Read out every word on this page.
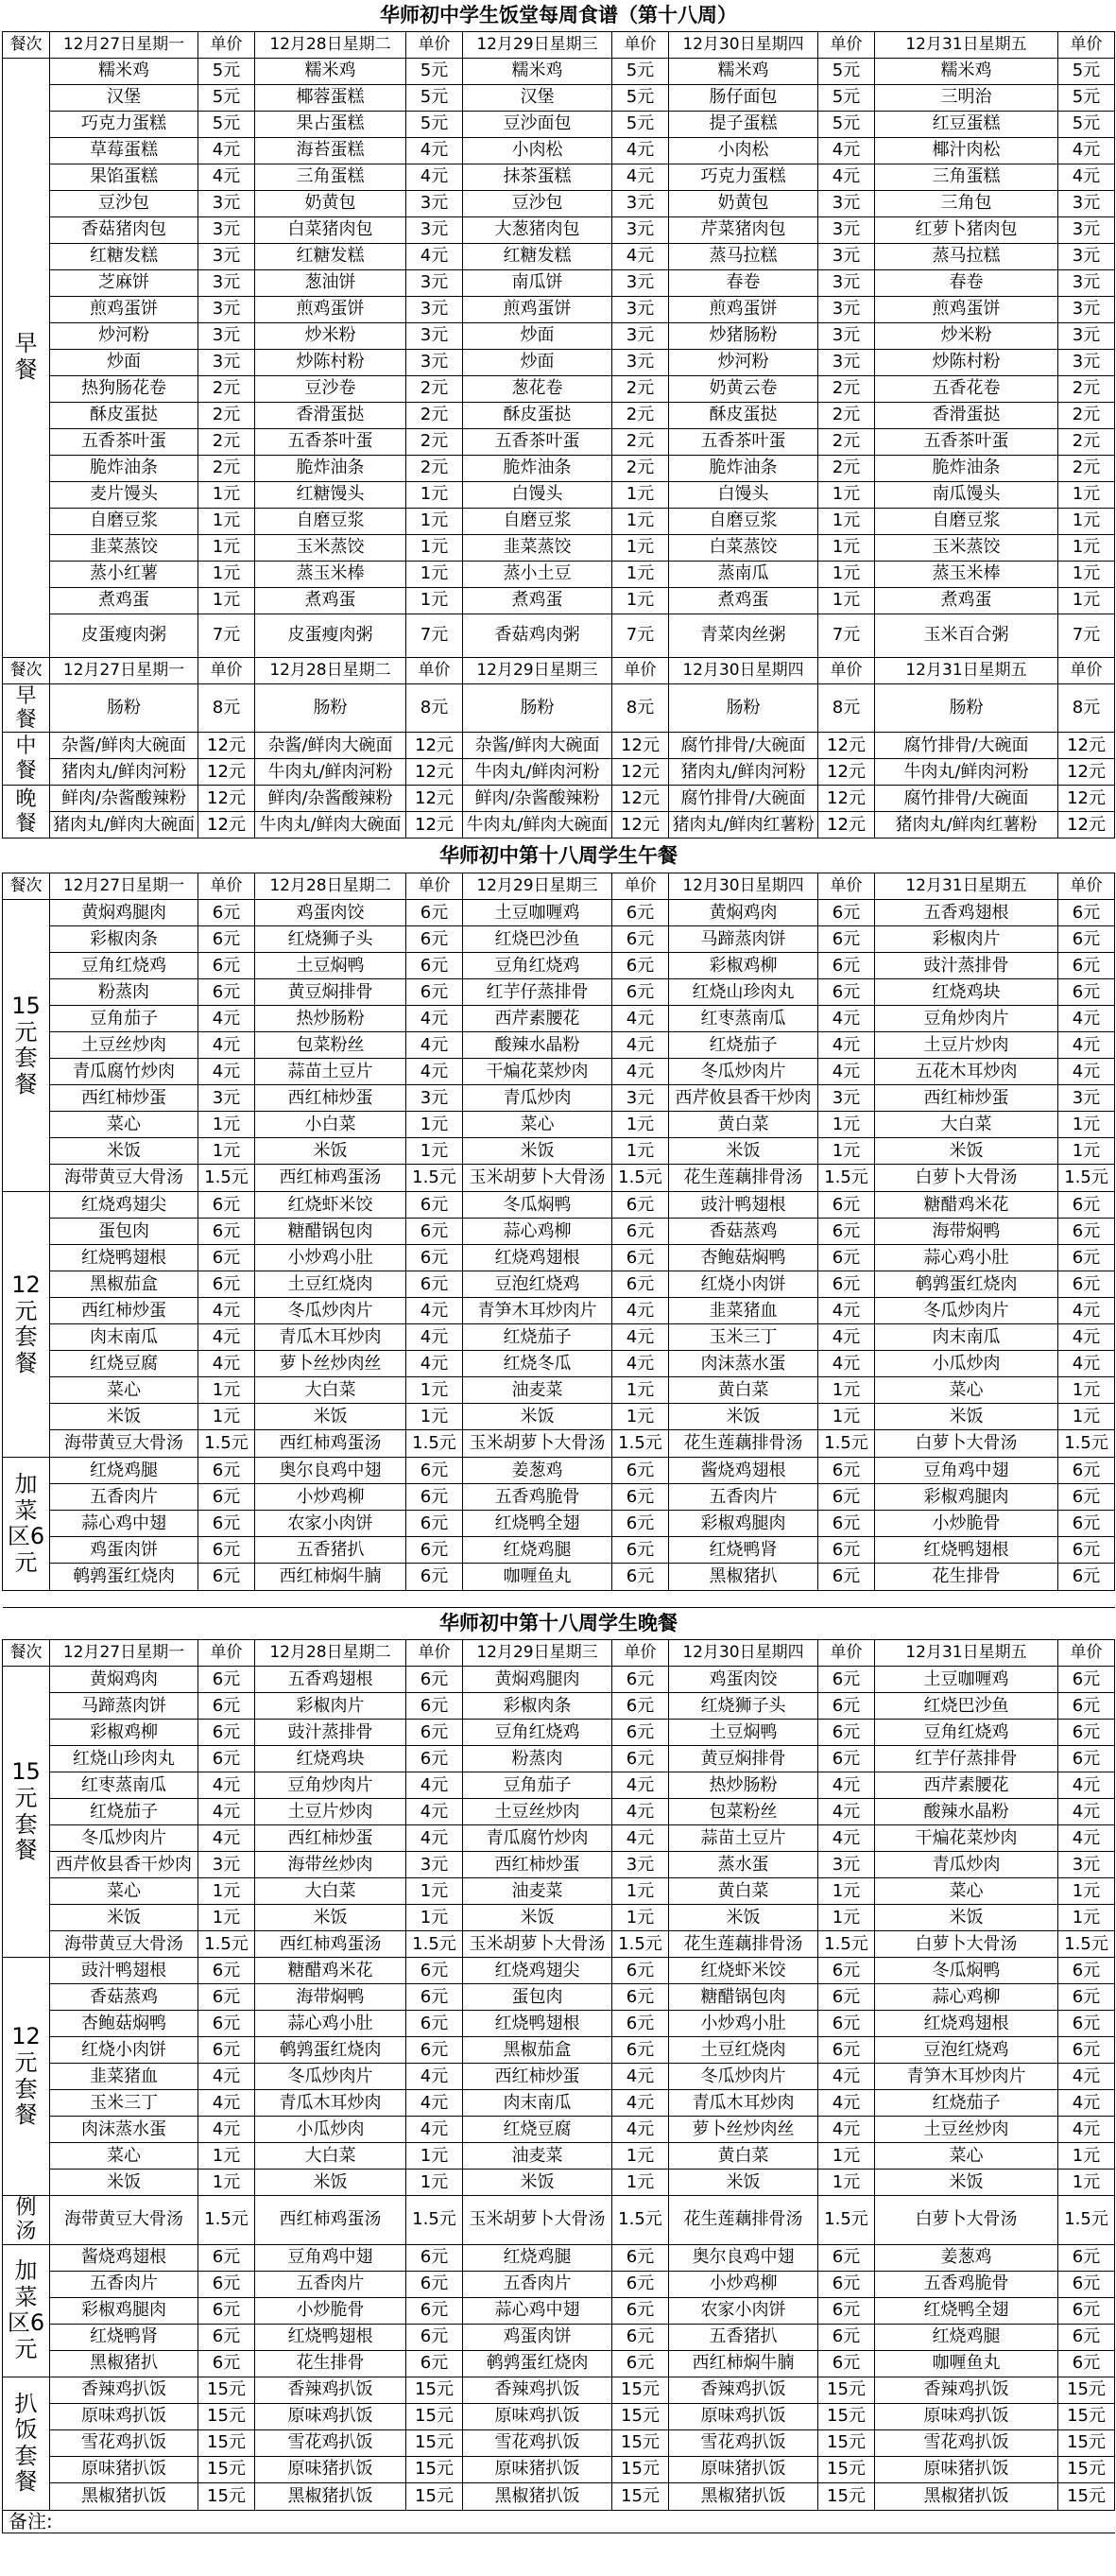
华师初中学生饭堂每周食谱（第十八周）										
餐次	12月27日星期一	单价	12月28日星期二	单价	12月29日星期三	单价	12月30日星期四	单价	12月31日星期五	单价
早餐	糯米鸡	5元	糯米鸡	5元	糯米鸡	5元	糯米鸡	5元	糯米鸡	5元
	汉堡	5元	椰蓉蛋糕	5元	汉堡	5元	肠仔面包	5元	三明治	5元
	巧克力蛋糕	5元	果占蛋糕	5元	豆沙面包	5元	提子蛋糕	5元	红豆蛋糕	5元
	草莓蛋糕	4元	海苔蛋糕	4元	小肉松	4元	小肉松	4元	椰汁肉松	4元
	果馅蛋糕	4元	三角蛋糕	4元	抹茶蛋糕	4元	巧克力蛋糕	4元	三角蛋糕	4元
	豆沙包	3元	奶黄包	3元	豆沙包	3元	奶黄包	3元	三角包	3元
	香菇猪肉包	3元	白菜猪肉包	3元	大葱猪肉包	3元	芹菜猪肉包	3元	红萝卜猪肉包	3元
	红糖发糕	3元	红糖发糕	4元	红糖发糕	4元	蒸马拉糕	3元	蒸马拉糕	3元
	芝麻饼	3元	葱油饼	3元	南瓜饼	3元	春卷	3元	春卷	3元
	煎鸡蛋饼	3元	煎鸡蛋饼	3元	煎鸡蛋饼	3元	煎鸡蛋饼	3元	煎鸡蛋饼	3元
	炒河粉	3元	炒米粉	3元	炒面	3元	炒猪肠粉	3元	炒米粉	3元
	炒面	3元	炒陈村粉	3元	炒面	3元	炒河粉	3元	炒陈村粉	3元
	热狗肠花卷	2元	豆沙卷	2元	葱花卷	2元	奶黄云卷	2元	五香花卷	2元
	酥皮蛋挞	2元	香滑蛋挞	2元	酥皮蛋挞	2元	酥皮蛋挞	2元	香滑蛋挞	2元
	五香茶叶蛋	2元	五香茶叶蛋	2元	五香茶叶蛋	2元	五香茶叶蛋	2元	五香茶叶蛋	2元
	脆炸油条	2元	脆炸油条	2元	脆炸油条	2元	脆炸油条	2元	脆炸油条	2元
	麦片馒头	1元	红糖馒头	1元	白馒头	1元	白馒头	1元	南瓜馒头	1元
	自磨豆浆	1元	自磨豆浆	1元	自磨豆浆	1元	自磨豆浆	1元	自磨豆浆	1元
	韭菜蒸饺	1元	玉米蒸饺	1元	韭菜蒸饺	1元	白菜蒸饺	1元	玉米蒸饺	1元
	蒸小红薯	1元	蒸玉米棒	1元	蒸小土豆	1元	蒸南瓜	1元	蒸玉米棒	1元
	煮鸡蛋	1元	煮鸡蛋	1元	煮鸡蛋	1元	煮鸡蛋	1元	煮鸡蛋	1元
	皮蛋瘦肉粥	7元	皮蛋瘦肉粥	7元	香菇鸡肉粥	7元	青菜肉丝粥	7元	玉米百合粥	7元
餐次	12月27日星期一	单价	12月28日星期二	单价	12月29日星期三	单价	12月30日星期四	单价	12月31日星期五	单价
早餐	肠粉	8元	肠粉	8元	肠粉	8元	肠粉	8元	肠粉	8元
中餐	杂酱/鲜肉大碗面	12元	杂酱/鲜肉大碗面	12元	杂酱/鲜肉大碗面	12元	腐竹排骨/大碗面	12元	腐竹排骨/大碗面	12元
	猪肉丸/鲜肉河粉	12元	牛肉丸/鲜肉河粉	12元	牛肉丸/鲜肉河粉	12元	猪肉丸/鲜肉河粉	12元	牛肉丸/鲜肉河粉	12元
晚餐	鲜肉/杂酱酸辣粉	12元	鲜肉/杂酱酸辣粉	12元	鲜肉/杂酱酸辣粉	12元	腐竹排骨/大碗面	12元	腐竹排骨/大碗面	12元
	猪肉丸/鲜肉大碗面	12元	牛肉丸/鲜肉大碗面	12元	牛肉丸/鲜肉大碗面	12元	猪肉丸/鲜肉红薯粉	12元	猪肉丸/鲜肉红薯粉	12元
华师初中第十八周学生午餐										
餐次	12月27日星期一	单价	12月28日星期二	单价	12月29日星期三	单价	12月30日星期四	单价	12月31日星期五	单价
15元套餐	黄焖鸡腿肉	6元	鸡蛋肉饺	6元	土豆咖喱鸡	6元	黄焖鸡肉	6元	五香鸡翅根	6元
	彩椒肉条	6元	红烧狮子头	6元	红烧巴沙鱼	6元	马蹄蒸肉饼	6元	彩椒肉片	6元
	豆角红烧鸡	6元	土豆焖鸭	6元	豆角红烧鸡	6元	彩椒鸡柳	6元	豉汁蒸排骨	6元
	粉蒸肉	6元	黄豆焖排骨	6元	红芋仔蒸排骨	6元	红烧山珍肉丸	6元	红烧鸡块	6元
	豆角茄子	4元	热炒肠粉	4元	西芹素腰花	4元	红枣蒸南瓜	4元	豆角炒肉片	4元
	土豆丝炒肉	4元	包菜粉丝	4元	酸辣水晶粉	4元	红烧茄子	4元	土豆片炒肉	4元
	青瓜腐竹炒肉	4元	蒜苗土豆片	4元	干煸花菜炒肉	4元	冬瓜炒肉片	4元	五花木耳炒肉	4元
	西红柿炒蛋	3元	西红柿炒蛋	3元	青瓜炒肉	3元	西芹攸县香干炒肉	3元	西红柿炒蛋	3元
	菜心	1元	小白菜	1元	菜心	1元	黄白菜	1元	大白菜	1元
	米饭	1元	米饭	1元	米饭	1元	米饭	1元	米饭	1元
	海带黄豆大骨汤	1.5元	西红柿鸡蛋汤	1.5元	玉米胡萝卜大骨汤	1.5元	花生莲藕排骨汤	1.5元	白萝卜大骨汤	1.5元
12元套餐	红烧鸡翅尖	6元	红烧虾米饺	6元	冬瓜焖鸭	6元	豉汁鸭翅根	6元	糖醋鸡米花	6元
	蛋包肉	6元	糖醋锅包肉	6元	蒜心鸡柳	6元	香菇蒸鸡	6元	海带焖鸭	6元
	红烧鸭翅根	6元	小炒鸡小肚	6元	红烧鸡翅根	6元	杏鲍菇焖鸭	6元	蒜心鸡小肚	6元
	黑椒茄盒	6元	土豆红烧肉	6元	豆泡红烧鸡	6元	红烧小肉饼	6元	鹌鹑蛋红烧肉	6元
	西红柿炒蛋	4元	冬瓜炒肉片	4元	青笋木耳炒肉片	4元	韭菜猪血	4元	冬瓜炒肉片	4元
	肉末南瓜	4元	青瓜木耳炒肉	4元	红烧茄子	4元	玉米三丁	4元	肉末南瓜	4元
	红烧豆腐	4元	萝卜丝炒肉丝	4元	红烧冬瓜	4元	肉沫蒸水蛋	4元	小瓜炒肉	4元
	菜心	1元	大白菜	1元	油麦菜	1元	黄白菜	1元	菜心	1元
	米饭	1元	米饭	1元	米饭	1元	米饭	1元	米饭	1元
	海带黄豆大骨汤	1.5元	西红柿鸡蛋汤	1.5元	玉米胡萝卜大骨汤	1.5元	花生莲藕排骨汤	1.5元	白萝卜大骨汤	1.5元
加菜区6元	红烧鸡腿	6元	奥尔良鸡中翅	6元	姜葱鸡	6元	酱烧鸡翅根	6元	豆角鸡中翅	6元
	五香肉片	6元	小炒鸡柳	6元	五香鸡脆骨	6元	五香肉片	6元	彩椒鸡腿肉	6元
	蒜心鸡中翅	6元	农家小肉饼	6元	红烧鸭全翅	6元	彩椒鸡腿肉	6元	小炒脆骨	6元
	鸡蛋肉饼	6元	五香猪扒	6元	红烧鸡腿	6元	红烧鸭肾	6元	红烧鸭翅根	6元
	鹌鹑蛋红烧肉	6元	西红柿焖牛腩	6元	咖喱鱼丸	6元	黑椒猪扒	6元	花生排骨	6元

华师初中第十八周学生晚餐										
餐次	12月27日星期一	单价	12月28日星期二	单价	12月29日星期三	单价	12月30日星期四	单价	12月31日星期五	单价
15元套餐	黄焖鸡肉	6元	五香鸡翅根	6元	黄焖鸡腿肉	6元	鸡蛋肉饺	6元	土豆咖喱鸡	6元
	马蹄蒸肉饼	6元	彩椒肉片	6元	彩椒肉条	6元	红烧狮子头	6元	红烧巴沙鱼	6元
	彩椒鸡柳	6元	豉汁蒸排骨	6元	豆角红烧鸡	6元	土豆焖鸭	6元	豆角红烧鸡	6元
	红烧山珍肉丸	6元	红烧鸡块	6元	粉蒸肉	6元	黄豆焖排骨	6元	红芋仔蒸排骨	6元
	红枣蒸南瓜	4元	豆角炒肉片	4元	豆角茄子	4元	热炒肠粉	4元	西芹素腰花	4元
	红烧茄子	4元	土豆片炒肉	4元	土豆丝炒肉	4元	包菜粉丝	4元	酸辣水晶粉	4元
	冬瓜炒肉片	4元	西红柿炒蛋	4元	青瓜腐竹炒肉	4元	蒜苗土豆片	4元	干煸花菜炒肉	4元
	西芹攸县香干炒肉	3元	海带丝炒肉	3元	西红柿炒蛋	3元	蒸水蛋	3元	青瓜炒肉	3元
	菜心	1元	大白菜	1元	油麦菜	1元	黄白菜	1元	菜心	1元
	米饭	1元	米饭	1元	米饭	1元	米饭	1元	米饭	1元
	海带黄豆大骨汤	1.5元	西红柿鸡蛋汤	1.5元	玉米胡萝卜大骨汤	1.5元	花生莲藕排骨汤	1.5元	白萝卜大骨汤	1.5元
12元套餐	豉汁鸭翅根	6元	糖醋鸡米花	6元	红烧鸡翅尖	6元	红烧虾米饺	6元	冬瓜焖鸭	6元
	香菇蒸鸡	6元	海带焖鸭	6元	蛋包肉	6元	糖醋锅包肉	6元	蒜心鸡柳	6元
	杏鲍菇焖鸭	6元	蒜心鸡小肚	6元	红烧鸭翅根	6元	小炒鸡小肚	6元	红烧鸡翅根	6元
	红烧小肉饼	6元	鹌鹑蛋红烧肉	6元	黑椒茄盒	6元	土豆红烧肉	6元	豆泡红烧鸡	6元
	韭菜猪血	4元	冬瓜炒肉片	4元	西红柿炒蛋	4元	冬瓜炒肉片	4元	青笋木耳炒肉片	4元
	玉米三丁	4元	青瓜木耳炒肉	4元	肉末南瓜	4元	青瓜木耳炒肉	4元	红烧茄子	4元
	肉沫蒸水蛋	4元	小瓜炒肉	4元	红烧豆腐	4元	萝卜丝炒肉丝	4元	土豆丝炒肉	4元
	菜心	1元	大白菜	1元	油麦菜	1元	黄白菜	1元	菜心	1元
	米饭	1元	米饭	1元	米饭	1元	米饭	1元	米饭	1元
例汤	海带黄豆大骨汤	1.5元	西红柿鸡蛋汤	1.5元	玉米胡萝卜大骨汤	1.5元	花生莲藕排骨汤	1.5元	白萝卜大骨汤	1.5元
加菜区6元	酱烧鸡翅根	6元	豆角鸡中翅	6元	红烧鸡腿	6元	奥尔良鸡中翅	6元	姜葱鸡	6元
	五香肉片	6元	五香肉片	6元	五香肉片	6元	小炒鸡柳	6元	五香鸡脆骨	6元
	彩椒鸡腿肉	6元	小炒脆骨	6元	蒜心鸡中翅	6元	农家小肉饼	6元	红烧鸭全翅	6元
	红烧鸭肾	6元	红烧鸭翅根	6元	鸡蛋肉饼	6元	五香猪扒	6元	红烧鸡腿	6元
	黑椒猪扒	6元	花生排骨	6元	鹌鹑蛋红烧肉	6元	西红柿焖牛腩	6元	咖喱鱼丸	6元
扒饭套餐	香辣鸡扒饭	15元	香辣鸡扒饭	15元	香辣鸡扒饭	15元	香辣鸡扒饭	15元	香辣鸡扒饭	15元
	原味鸡扒饭	15元	原味鸡扒饭	15元	原味鸡扒饭	15元	原味鸡扒饭	15元	原味鸡扒饭	15元
	雪花鸡扒饭	15元	雪花鸡扒饭	15元	雪花鸡扒饭	15元	雪花鸡扒饭	15元	雪花鸡扒饭	15元
	原味猪扒饭	15元	原味猪扒饭	15元	原味猪扒饭	15元	原味猪扒饭	15元	原味猪扒饭	15元
	黑椒猪扒饭	15元	黑椒猪扒饭	15元	黑椒猪扒饭	15元	黑椒猪扒饭	15元	黑椒猪扒饭	15元
备注:										
